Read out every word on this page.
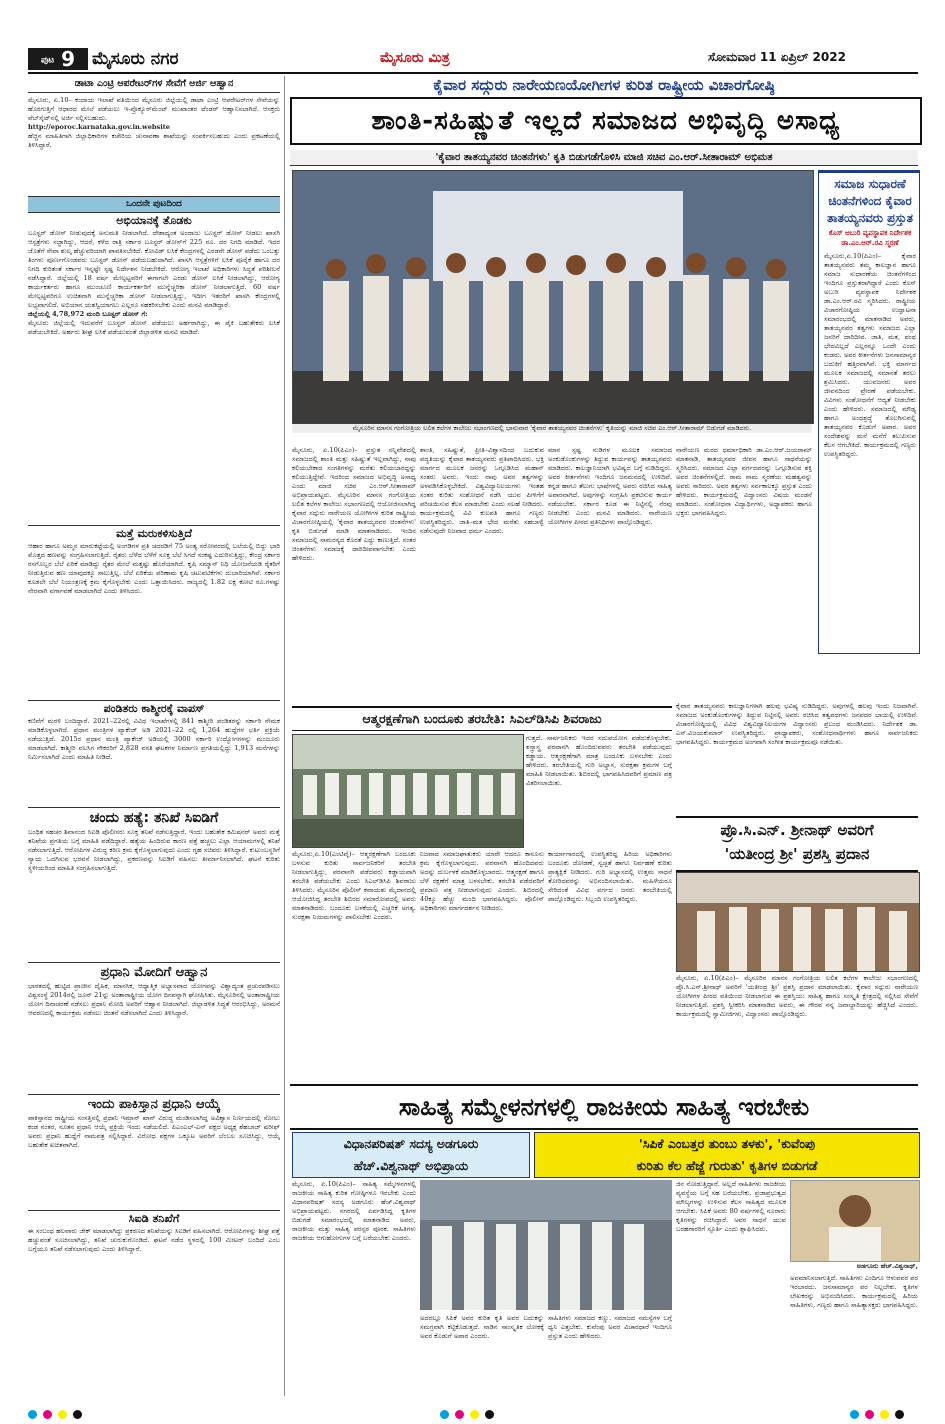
ಪುಟ 9 ಮೈಸೂರು ನಗರ	ಮೈಸೂರು ಮಿತ್ರ	ಸೋಮವಾರ 11 ಏಪ್ರಿಲ್ 2022
ಡಾಟಾ ಎಂಟ್ರಿ ಆಪರೇಟರ್‌ಗಳ ಸೇವೆಗೆ ಅರ್ಜಿ ಆಹ್ವಾನ
ಮೈಸೂರು, ಏ.10– ಕಂದಾಯ ಇಲಾಖೆ ವತಿಯಿಂದ ಮೈಸೂರು ಜಿಲ್ಲೆಯಲ್ಲಿ ಡಾಟಾ ಎಂಟ್ರಿ ಆಪರೇಟರ್‌ಗಳ ಸೇವೆಯನ್ನು ಹೊರಗುತ್ತಿಗೆ ಆಧಾರದ ಮೇಲೆ ಪಡೆಯಲು ಇ-ಪ್ರೊಕ್ಯೂರ್‌ಮೆಂಟ್ ಮುಖಾಂತರ ಟೆಂಡರ್ ಆಹ್ವಾನಿಸಲಾಗಿದೆ. ಆಸಕ್ತರು ವೆಬ್‌ಸೈಟ್‌ನಲ್ಲಿ ಅರ್ಜಿ ಸಲ್ಲಿಸಬಹುದು.
http://eporoc.karnataka.gov.in.website
ಹೆಚ್ಚಿನ ಮಾಹಿತಿಗಾಗಿ ಜಿಲ್ಲಾಧಿಕಾರಿಗಳ ಕಚೇರಿಯ ಚುನಾವಣಾ ಶಾಖೆಯನ್ನು ಸಂಪರ್ಕಿಸಬಹುದು ಎಂದು ಪ್ರಕಟಣೆಯಲ್ಲಿ ತಿಳಿಸಿದ್ದಾರೆ.
ಒಂದನೇ ಪುಟದಿಂದ
ಅಭಿಯಾನಕ್ಕೆ ತೊಡಕು
ಬೂಸ್ಟರ್ ಡೋಸ್ ನೀಡುವುದಕ್ಕೆ ಅನುಮತಿ ನೀಡಲಾಗಿದೆ. ದೇಶಾದ್ಯಂತ ಅಂದಾಜು ಬೂಸ್ಟರ್ ಡೋಸ್ ನೀಡಲು ಖಾಸಗಿ ಆಸ್ಪತ್ರೆಗಳು ಸಜ್ಜಾಗಿದ್ದು, ಆದರೆ, ಕಳೆದ ರಾತ್ರಿ ಸರ್ಕಾರ ಬೂಸ್ಟರ್ ಡೋಸ್‌ಗೆ 225 ರೂ. ದರ ನಿಗದಿ ಮಾಡಿದೆ. ಇದರ ಜೊತೆಗೆ ಸೇವಾ ಶುಲ್ಕ ಹೆಚ್ಚುವರಿಯಾಗಿ ಪಾವತಿಸಬೇಕಿದೆ. ಕೋವಿಡ್ ಲಸಿಕೆ ಕೇಂದ್ರಗಳಲ್ಲಿ ಎರಡನೇ ಡೋಸ್ ಪಡೆದು ಒಂಬತ್ತು ತಿಂಗಳು ಪೂರ್ಣಗೊಂಡವರು ಬೂಸ್ಟರ್ ಡೋಸ್ ಪಡೆಯಬಹುದಾಗಿದೆ. ಖಾಸಗಿ ಆಸ್ಪತ್ರೆಗಳಿಗೆ ಲಸಿಕೆ ಪೂರೈಕೆ ಹಾಗೂ ದರ ನಿಗದಿ ಕುರಿತಂತೆ ಸರ್ಕಾರ ಇನ್ನಷ್ಟೇ ಸ್ಪಷ್ಟ ನಿರ್ದೇಶನ ನೀಡಬೇಕಿದೆ. ಆರೋಗ್ಯ ಇಲಾಖೆ ಅಧಿಕಾರಿಗಳು ಸಿದ್ಧತೆ ಪರಿಶೀಲನೆ ನಡೆಸಿದ್ದಾರೆ. ಜಿಲ್ಲೆಯಲ್ಲಿ 18 ವರ್ಷ ಮೇಲ್ಪಟ್ಟವರಿಗೆ ಈಗಾಗಲೇ ಎರಡು ಡೋಸ್ ಲಸಿಕೆ ನೀಡಲಾಗಿದ್ದು, ಆರೋಗ್ಯ ಕಾರ್ಯಕರ್ತರು ಹಾಗೂ ಮುಂಚೂಣಿ ಕಾರ್ಯಕರ್ತರಿಗೆ ಮುನ್ನೆಚ್ಚರಿಕಾ ಡೋಸ್ ನೀಡಲಾಗುತ್ತಿದೆ. 60 ವರ್ಷ ಮೇಲ್ಪಟ್ಟವರಿಗೂ ಉಚಿತವಾಗಿ ಮುನ್ನೆಚ್ಚರಿಕಾ ಡೋಸ್ ನೀಡಲಾಗುತ್ತಿದ್ದು, ಇದೀಗ ಇತರರಿಗೆ ಖಾಸಗಿ ಕೇಂದ್ರಗಳಲ್ಲಿ ಲಭ್ಯವಾಗಲಿದೆ. ಅಭಿಯಾನ ಯಶಸ್ವಿಯಾಗಲು ಎಲ್ಲರೂ ಸಹಕರಿಸಬೇಕು ಎಂದು ಮನವಿ ಮಾಡಿದ್ದಾರೆ.
ಜಿಲ್ಲೆಯಲ್ಲಿ 4,78,972 ಮಂದಿ ಬೂಸ್ಟರ್ ಡೋಸ್ ಗೆ:
ಮೈಸೂರು ಜಿಲ್ಲೆಯಲ್ಲಿ ಇದುವರೆಗೆ ಬೂಸ್ಟರ್ ಡೋಸ್ ಪಡೆಯಲು ಅರ್ಹರಾಗಿದ್ದು, ಈ ಪೈಕಿ ಬಹುತೇಕರು ಲಸಿಕೆ ಪಡೆಯಬೇಕಿದೆ. ಅರ್ಹರು ಶೀಘ್ರ ಲಸಿಕೆ ಪಡೆಯುವಂತೆ ಜಿಲ್ಲಾಡಳಿತ ಮನವಿ ಮಾಡಿದೆ.
ಮತ್ತೆ ಮರುಕಳಿಸುತ್ತಿದೆ
ಆಹಾರ ಹಾಗೂ ಅಮ್ಮನ ಮಾರುಕಟ್ಟೆಯಲ್ಲಿ ಅಂಗಡಿಗಳ ಪ್ರತಿ ಚದರಡಿಗೆ 75 ಅಂತ್ಯ ಸರೋವರದಲ್ಲಿ ಬಲೆಯಲ್ಲಿ ಬಿದ್ದು ಭಾರಿ ಮೊತ್ತದ ಹಣವನ್ನು ಸಂಗ್ರಹಿಸಲಾಗುತ್ತಿದೆ. ರೈತರು ಬೆಳೆದ ಬೆಳೆಗೆ ಸೂಕ್ತ ಬೆಲೆ ಸಿಗದೆ ಸಂಕಷ್ಟ ಎದುರಿಸುತ್ತಿದ್ದು, ಕೇಂದ್ರ ಸರ್ಕಾರ ರಸಗೊಬ್ಬರ ಬೆಲೆ ಏರಿಕೆ ಮಾಡಿದ್ದು ರೈತರ ಮೇಲೆ ಮತ್ತಷ್ಟು ಹೊರೆಯಾಗಿದೆ. ಕೃಷಿ ಸಮ್ಮಾನ್ ನಿಧಿ ಯೋಜನೆಯಡಿ ರೈತರಿಗೆ ನೀಡುತ್ತಿರುವ ಹಣ ಯಾವುದಕ್ಕೂ ಸಾಲುತ್ತಿಲ್ಲ. ಬೆಲೆ ಏರಿಕೆಯ ಪರಿಣಾಮ ಕೃಷಿ ಚಟುವಟಿಕೆಗಳು ದುಬಾರಿಯಾಗಿವೆ. ಸರ್ಕಾರ ಕೂಡಲೇ ಬೆಲೆ ನಿಯಂತ್ರಣಕ್ಕೆ ಕ್ರಮ ಕೈಗೊಳ್ಳಬೇಕು ಎಂದು ಒತ್ತಾಯಿಸಿದರು. ರಾಜ್ಯದಲ್ಲಿ 1.82 ಲಕ್ಷ ಕೋಟಿ ರೂ.ಗಳಷ್ಟು ನೇರವಾಗಿ ವರ್ಗಾವಣೆ ಮಾಡಲಾಗಿದೆ ಎಂದು ತಿಳಿಸಿದರು.
ಪಂಡಿತರು ಕಾಶ್ಮೀರಕ್ಕೆ ವಾಪಸ್
ಕಣಿವೆಗೆ ಮರಳಿ ಬಂದಿದ್ದಾರೆ. 2021–22ರಲ್ಲಿ ವಿವಿಧ ಇಲಾಖೆಗಳಲ್ಲಿ 841 ಕಾಶ್ಮೀರಿ ಪಂಡಿತರನ್ನು ಸರ್ಕಾರಿ ನೇಮಕ ಮಾಡಿಕೊಳ್ಳಲಾಗಿದೆ. ಪ್ರಧಾನ ಮಂತ್ರಿಗಳ ಪ್ಯಾಕೇಜ್ ಅಡಿ 2021–22 ರಲ್ಲಿ 1,264 ಹುದ್ದೆಗಳ ಭರ್ತಿ ಪ್ರಕ್ರಿಯೆ ನಡೆಯುತ್ತಿದೆ. 2015ರ ಪ್ರಧಾನ ಮಂತ್ರಿ ಪ್ಯಾಕೇಜ್ ಅಡಿಯಲ್ಲಿ 3000 ಸರ್ಕಾರಿ ಉದ್ಯೋಗಗಳನ್ನು ಮಂಜೂರು ಮಾಡಲಾಗಿದೆ. ಕಾಶ್ಮೀರಿ ವಲಸಿಗ ನೌಕರರಿಗೆ 2,828 ವಸತಿ ಘಟಕಗಳ ನಿರ್ಮಾಣ ಪ್ರಗತಿಯಲ್ಲಿದ್ದು 1,913 ಮನೆಗಳನ್ನು ನಿರ್ಮಿಸಲಾಗಿದೆ ಎಂದು ಮಾಹಿತಿ ನೀಡಿದೆ.
ಚಂದು ಹತ್ಯೆ: ತನಿಖೆ ಸಿಐಡಿಗೆ
ಬಂಧಿತ ಸಹಚರ ಶಿವಾನಂದ ಸಿಐಡಿ ಪೊಲೀಸರು ಸೂಕ್ತ ತನಿಖೆ ನಡೆಸುತ್ತಿದ್ದಾರೆ. ಇಂದು ಬಹುತೇಕ ಕಮಿಷನರ್ ಅವರು ಮತ್ತೆ ತನಿಖೆಯ ಪ್ರಗತಿಯ ಬಗ್ಗೆ ಮಾಹಿತಿ ಪಡೆದಿದ್ದಾರೆ. ಹತ್ಯೆಯ ಹಿಂದಿರುವ ಕಾರಣ ಪತ್ತೆ ಹಚ್ಚಲು ಎಲ್ಲಾ ಆಯಾಮಗಳಲ್ಲಿ ತನಿಖೆ ನಡೆಸಲಾಗುತ್ತಿದೆ. ಆರೋಪಿಗಳ ವಿರುದ್ಧ ಕಠಿಣ ಕ್ರಮ ಕೈಗೊಳ್ಳಲಾಗುವುದು ಎಂದು ಗೃಹ ಸಚಿವರು ತಿಳಿಸಿದ್ದಾರೆ. ಕುಟುಂಬಸ್ಥರಿಗೆ ನ್ಯಾಯ ಒದಗಿಸುವ ಭರವಸೆ ನೀಡಲಾಗಿದ್ದು, ಪ್ರಕರಣವನ್ನು ಸಿಐಡಿಗೆ ವಹಿಸಲು ತೀರ್ಮಾನಿಸಲಾಗಿದೆ. ಘಟನೆ ಕುರಿತು ಸ್ಥಳೀಯರಿಂದ ಮಾಹಿತಿ ಸಂಗ್ರಹಿಸಲಾಗುತ್ತಿದೆ.
ಪ್ರಧಾನಿ ಮೋದಿಗೆ ಆಹ್ವಾನ
ಭಾರತದಲ್ಲಿ ಹುಟ್ಟಿದ ಪ್ರಾಚೀನ ದೈಹಿಕ, ಮಾನಸಿಕ, ಆಧ್ಯಾತ್ಮಿಕ ಅಭ್ಯಾಸವಾದ ಯೋಗವನ್ನು ವಿಶ್ವಾದ್ಯಂತ ಪ್ರಚುರಪಡಿಸಲು ವಿಶ್ವಸಂಸ್ಥೆ 2014ರಲ್ಲಿ ಜೂನ್ 21ನ್ನು ಅಂತಾರಾಷ್ಟ್ರೀಯ ಯೋಗ ದಿನವನ್ನಾಗಿ ಘೋಷಿಸಿತು. ಮೈಸೂರಿನಲ್ಲಿ ಅಂತಾರಾಷ್ಟ್ರೀಯ ಯೋಗ ದಿನಾಚರಣೆ ನಡೆಸಲು ಪ್ರಧಾನಿ ಮೋದಿ ಅವರಿಗೆ ಆಹ್ವಾನ ನೀಡಲಾಗಿದೆ. ಜಿಲ್ಲಾಡಳಿತ ಸಿದ್ಧತೆ ಆರಂಭಿಸಿದ್ದು, ಅರಮನೆ ಆವರಣದಲ್ಲಿ ಕಾರ್ಯಕ್ರಮ ನಡೆಸಲು ಚಿಂತನೆ ನಡೆಸಲಾಗಿದೆ ಎಂದು ತಿಳಿಸಿದ್ದಾರೆ.
ಇಂದು ಪಾಕಿಸ್ತಾನ ಪ್ರಧಾನಿ ಆಯ್ಕೆ
ಪಾಕಿಸ್ತಾನದ ರಾಷ್ಟ್ರೀಯ ಸಂಸತ್ತಿನಲ್ಲಿ ಪ್ರಧಾನಿ ಇಮ್ರಾನ್ ಖಾನ್ ವಿರುದ್ಧ ಮಂಡಿಸಲಾಗಿದ್ದ ಅವಿಶ್ವಾಸ ನಿರ್ಣಯದಲ್ಲಿ ಸೋಲು ಕಂಡ ನಂತರ, ನೂತನ ಪ್ರಧಾನಿ ಆಯ್ಕೆ ಪ್ರಕ್ರಿಯೆ ಇಂದು ನಡೆಯಲಿದೆ. ಪಿಎಂಎಲ್-ಎನ್ ಪಕ್ಷದ ಅಧ್ಯಕ್ಷ ಶೆಹಬಾಜ್ ಷರೀಫ್ ಅವರು ಪ್ರಧಾನಿ ಹುದ್ದೆಗೆ ನಾಮಪತ್ರ ಸಲ್ಲಿಸಿದ್ದಾರೆ. ವಿರೋಧ ಪಕ್ಷಗಳ ಒಕ್ಕೂಟ ಅವರಿಗೆ ಬೆಂಬಲ ಸೂಚಿಸಿದ್ದು, ಆಯ್ಕೆ ಬಹುತೇಕ ಖಚಿತವಾಗಿದೆ.
ಸಿಐಡಿ ತನಿಖೆಗೆ
ಈ ಸಂಬಂಧ ಹಲವಾರು ಜೇಕ್ ಮಾಡಲಾಗಿದ್ದು ಪ್ರಕರಣದ ತನಿಖೆಯನ್ನು ಸಿಐಡಿಗೆ ವಹಿಸಲಾಗಿದೆ. ಆರೋಪಿಗಳನ್ನು ಶೀಘ್ರ ಪತ್ತೆ ಹಚ್ಚುವಂತೆ ಸೂಚಿಸಲಾಗಿದ್ದು, ತನಿಖೆ ಚುರುಕುಗೊಂಡಿದೆ. ಘಟನೆ ನಡೆದ ಸ್ಥಳದಲ್ಲಿ 100 ಮೀಟರ್ ಬಂದಿದೆ ಎಂಬ ಬಗ್ಗೆಯೂ ತನಿಖೆ ನಡೆಸಲಾಗುವುದು ಎಂದು ತಿಳಿಸಿದ್ದಾರೆ.
ಕೈವಾರ ಸದ್ಗುರು ನಾರೇಯಣಯೋಗೀಗಳ ಕುರಿತ ರಾಷ್ಟ್ರೀಯ ವಿಚಾರಗೋಷ್ಠಿ
ಶಾಂತಿ-ಸಹಿಷ್ಣುತೆ ಇಲ್ಲದೆ ಸಮಾಜದ ಅಭಿವೃದ್ಧಿ ಅಸಾಧ್ಯ
'ಕೈವಾರ ತಾತಯ್ಯನವರ ಚಿಂತನೆಗಳು' ಕೃತಿ ಬಿಡುಗಡೆಗೊಳಿಸಿ ಮಾಜಿ ಸಚಿವ ಎಂ.ಆರ್.ಸೀತಾರಾಮ್ ಅಭಿಮತ
ಮೈಸೂರಿನ ಮಾನಸ ಗಂಗೋತ್ರಿಯ ಲಲಿತ ಕಲೆಗಳ ಕಾಲೇಜು ಸಭಾಂಗಣದಲ್ಲಿ ಭಾನುವಾರ 'ಕೈವಾರ ತಾತಯ್ಯನವರ ಚಿಂತನೆಗಳು' ಕೃತಿಯನ್ನು ಮಾಜಿ ಸಚಿವ ಎಂ.ಆರ್.ಸೀತಾರಾಮ್ ಬಿಡುಗಡೆ ಮಾಡಿದರು.
ಮೈಸೂರು, ಏ.10(ಪಿಎಂ)– ಪ್ರಸ್ತುತ ಸನ್ನಿವೇಶದಲ್ಲಿ ಸಮಾಜದಲ್ಲಿ ಶಾಂತಿ ಮತ್ತು ಸಹಿಷ್ಣುತೆ ಇಲ್ಲವಾಗಿದ್ದು, ನಾವು ಕಲಿಯಬೇಕಾದ ಸಂಗತಿಗಳನ್ನು ಮರೆತು ಕಲಿಯಬಾರದ್ದನ್ನು ಕಲಿಯುತ್ತಿದ್ದೇವೆ. ಇದರಿಂದ ಸಮಾಜದ ಅಭಿವೃದ್ಧಿ ಅಸಾಧ್ಯ ಎಂದು ಮಾಜಿ ಸಚಿವ ಎಂ.ಆರ್.ಸೀತಾರಾಮ್ ಅಭಿಪ್ರಾಯಪಟ್ಟರು. ಮೈಸೂರಿನ ಮಾನಸ ಗಂಗೋತ್ರಿಯ ಲಲಿತ ಕಲೆಗಳ ಕಾಲೇಜು ಸಭಾಂಗಣದಲ್ಲಿ ಆಯೋಜಿಸಲಾಗಿದ್ದ ಕೈವಾರ ಸದ್ಗುರು ನಾರೇಯಣ ಯೋಗೀಗಳ ಕುರಿತ ರಾಷ್ಟ್ರೀಯ ವಿಚಾರಗೋಷ್ಠಿಯಲ್ಲಿ 'ಕೈವಾರ ತಾತಯ್ಯನವರ ಚಿಂತನೆಗಳು' ಕೃತಿ ಬಿಡುಗಡೆ ಮಾಡಿ ಮಾತನಾಡಿದರು. ಇಂದಿನ ಸಮಾಜದಲ್ಲಿ ಸಾಮರಸ್ಯದ ಕೊರತೆ ಎದ್ದು ಕಾಣುತ್ತಿದೆ. ಸಂತರ ಚಿಂತನೆಗಳು ಸಮಾಜಕ್ಕೆ ದಾರಿದೀಪವಾಗಬೇಕು ಎಂದು ಹೇಳಿದರು.
ಶಾಂತಿ, ಸಹಿಷ್ಣುತೆ, ಪ್ರೀತಿ–ವಿಶ್ವಾಸದಿಂದ ಬದುಕುವ ಪದ್ಧತಿಯನ್ನು ಕೈವಾರ ತಾತಯ್ಯನವರು ಪ್ರತಿಪಾದಿಸಿದರು. ಭಕ್ತಿ ಮಾರ್ಗದ ಮೂಲಕ ಜನರನ್ನು ಒಗ್ಗೂಡಿಸಿದ ಮಹಾನ್ ಸಂತರು ಅವರು. ಇಂದು ನಾವು ಅವರ ತತ್ವಗಳನ್ನು ಅಳವಡಿಸಿಕೊಳ್ಳಬೇಕಿದೆ. ವಿಶ್ವವಿದ್ಯಾನಿಲಯಗಳು ಇಂತಹ ಸಂತರ ಕುರಿತು ಸಂಶೋಧನೆ ನಡೆಸಿ ಯುವ ಪೀಳಿಗೆಗೆ ಪರಿಚಯಿಸುವ ಕೆಲಸ ಮಾಡಬೇಕು ಎಂದು ಸಲಹೆ ನೀಡಿದರು. ಕಾರ್ಯಕ್ರಮದಲ್ಲಿ ವಿವಿ ಕುಲಪತಿ ಹಾಗೂ ಗಣ್ಯರು ಉಪಸ್ಥಿತರಿದ್ದರು. ಜಾತಿ–ಮತ ಭೇದ ಮರೆತು ಸಹಬಾಳ್ವೆ ನಡೆಸುವುದೇ ನಿಜವಾದ ಧರ್ಮ ಎಂದರು.
ಮಾನ ಸ್ಪಷ್ಟ ನುಡಿಗಳ ಮೂಲಕ ಸಮಾಜದ ಅಂಕುಡೊಂಕುಗಳನ್ನು ತಿದ್ದುವ ಕಾರ್ಯವನ್ನು ತಾತಯ್ಯನವರು ಮಾಡಿದರು. ಕಾಲಜ್ಞಾನಿಯಾಗಿ ಭವಿಷ್ಯದ ಬಗ್ಗೆ ನುಡಿದಿದ್ದರು. ಅವರ ಕೀರ್ತನೆಗಳು ಇಂದಿಗೂ ಜನಮನದಲ್ಲಿ ಉಳಿದಿವೆ. ಕನ್ನಡ ಹಾಗೂ ತೆಲುಗು ಭಾಷೆಗಳಲ್ಲಿ ಅವರು ರಚಿಸಿದ ಸಾಹಿತ್ಯ ಅಪಾರವಾಗಿದೆ. ಅವುಗಳನ್ನು ಸಂಗ್ರಹಿಸಿ ಪ್ರಕಟಿಸುವ ಕಾರ್ಯ ನಡೆಯಬೇಕು. ಸರ್ಕಾರ ಕೂಡ ಈ ನಿಟ್ಟಿನಲ್ಲಿ ನೆರವು ನೀಡಬೇಕು ಎಂದು ಮನವಿ ಮಾಡಿದರು. ನಾರೇಯಣ ಯೋಗೀಗಳ ಪೀಠದ ಪ್ರತಿನಿಧಿಗಳು ಪಾಲ್ಗೊಂಡಿದ್ದರು.
ನಾರೇಯಣ ಮಠದ ಧರ್ಮಾಧಿಕಾರಿ ಡಾ.ಎಂ.ಆರ್.ಜಯರಾಮ್ ಮಾತನಾಡಿ, ತಾತಯ್ಯನವರ ಜೀವನ ಹಾಗೂ ಸಾಧನೆಯನ್ನು ಸ್ಮರಿಸಿದರು. ಸಮಾಜದ ಎಲ್ಲಾ ವರ್ಗದವರನ್ನು ಒಗ್ಗೂಡಿಸುವ ಶಕ್ತಿ ಅವರ ಚಿಂತನೆಗಳಲ್ಲಿದೆ. ರಾಮ ನಾಮ ಸ್ಮರಣೆಯ ಮಹತ್ವವನ್ನು ಅವರು ಸಾರಿದರು. ಅವರ ತತ್ವಗಳು ಸರ್ವಕಾಲಕ್ಕೂ ಪ್ರಸ್ತುತ ಎಂದು ಹೇಳಿದರು. ಕಾರ್ಯಕ್ರಮದಲ್ಲಿ ವಿದ್ವಾಂಸರು ವಿಷಯ ಮಂಡನೆ ಮಾಡಿದರು. ಸಂಶೋಧನಾ ವಿದ್ಯಾರ್ಥಿಗಳು, ಅಧ್ಯಾಪಕರು ಹಾಗೂ ಭಕ್ತರು ಭಾಗವಹಿಸಿದ್ದರು.
ಸಮಾಜ ಸುಧಾರಣೆ ಚಿಂತನೆಗಳಿಂದ ಕೈವಾರ ತಾತಯ್ಯನವರು ಪ್ರಸ್ತುತ
ಕೊಸ್ ಅಬುರಿ ವ್ಯವಸ್ಥಾಪಕ ನಿರ್ದೇಶಕ ಡಾ.ಎಂ.ಆರ್.ರವಿ ಸ್ಮರಣೆ
ಮೈಸೂರು,ಏ.10(ಪಿಎಂ)– ಕೈವಾರ ತಾತಯ್ಯನವರು ತಮ್ಮ ಕಾಲಜ್ಞಾನ ಹಾಗೂ ಸಮಾಜ ಸುಧಾರಣೆಯ ಚಿಂತನೆಗಳಿಂದ ಇಂದಿಗೂ ಪ್ರಸ್ತುತರಾಗಿದ್ದಾರೆ ಎಂದು ಕೊಸ್ ಅಬುರಿ ವ್ಯವಸ್ಥಾಪಕ ನಿರ್ದೇಶಕ ಡಾ.ಎಂ.ಆರ್.ರವಿ ಸ್ಮರಿಸಿದರು. ರಾಷ್ಟ್ರೀಯ ವಿಚಾರಗೋಷ್ಠಿಯ ಉದ್ಘಾಟನಾ ಸಮಾರಂಭದಲ್ಲಿ ಮಾತನಾಡಿದ ಅವರು, ತಾತಯ್ಯನವರ ತತ್ವಗಳು ಸಮಾಜದ ಎಲ್ಲಾ ಜನರಿಗೆ ದಾರಿದೀಪ. ಜಾತಿ, ಮತ, ಪಂಥ ಭೇದವಿಲ್ಲದೆ ಎಲ್ಲರನ್ನೂ ಒಂದೇ ಎಂದು ಕಂಡರು. ಅವರ ಕೀರ್ತನೆಗಳು ಜನಸಾಮಾನ್ಯರ ಬದುಕಿಗೆ ಹತ್ತಿರವಾಗಿವೆ. ಭಕ್ತಿ ಮಾರ್ಗದ ಮೂಲಕ ಸಮಾಜದಲ್ಲಿ ಸಮಾನತೆ ತರಲು ಶ್ರಮಿಸಿದರು. ಯುವಜನರು ಅವರ ಜೀವನದಿಂದ ಪ್ರೇರಣೆ ಪಡೆಯಬೇಕು. ವಿವಿಗಳು ಸಂಶೋಧನೆಗೆ ಆದ್ಯತೆ ನೀಡಬೇಕು ಎಂದು ಹೇಳಿದರು. ಸಮಾಜದಲ್ಲಿ ಮೌಢ್ಯ ಹಾಗೂ ಅಂಧಶ್ರದ್ಧೆ ತೊಲಗಿಸುವಲ್ಲಿ ತಾತಯ್ಯನವರ ಕೊಡುಗೆ ಅಪಾರ. ಅವರ ಸಂದೇಶವನ್ನು ಮನೆ ಮನೆಗೆ ತಲುಪಿಸುವ ಕೆಲಸ ಆಗಬೇಕಿದೆ. ಕಾರ್ಯಕ್ರಮದಲ್ಲಿ ಗಣ್ಯರು ಉಪಸ್ಥಿತರಿದ್ದರು.
ಕೈವಾರ ತಾತಯ್ಯನವರು ಕಾಲಜ್ಞಾನಿಗಳಾಗಿ ಹಲವು ಭವಿಷ್ಯ ನುಡಿದಿದ್ದರು. ಅವುಗಳಲ್ಲಿ ಹಲವು ಇಂದು ನಿಜವಾಗಿವೆ. ಸಮಾಜದ ಅಂಕುಡೊಂಕುಗಳನ್ನು ತಿದ್ದುವ ನಿಟ್ಟಿನಲ್ಲಿ ಅವರು ರಚಿಸಿದ ತತ್ವಪದಗಳು ಜನಪದರ ಬಾಯಲ್ಲಿ ಉಳಿದಿವೆ. ವಿಚಾರಗೋಷ್ಠಿಯಲ್ಲಿ ವಿವಿಧ ವಿಶ್ವವಿದ್ಯಾನಿಲಯಗಳ ವಿದ್ವಾಂಸರು ಪ್ರಬಂಧ ಮಂಡಿಸಿದರು. ನಿರ್ದೇಶಕ ಡಾ. ಎಸ್.ವಿಜಯಕುಮಾರ್ ಉಪಸ್ಥಿತರಿದ್ದರು. ಪ್ರಾಧ್ಯಾಪಕರು, ಸಂಶೋಧನಾರ್ಥಿಗಳು ಹಾಗೂ ಸಾರ್ವಜನಿಕರು ಭಾಗವಹಿಸಿದ್ದರು. ಕಾರ್ಯಕ್ರಮದ ಅಂಗವಾಗಿ ಸಂಗೀತ ಕಾರ್ಯಕ್ರಮವೂ ನಡೆಯಿತು.
ಪ್ರೊ.ಸಿ.ಎನ್. ಶ್ರೀನಾಥ್ ಅವರಿಗೆ
'ಯತೀಂದ್ರ ಶ್ರೀ' ಪ್ರಶಸ್ತಿ ಪ್ರದಾನ
ಮೈಸೂರು, ಏ.10(ಪಿಎಂ)– ಮೈಸೂರಿನ ಮಾನಸ ಗಂಗೋತ್ರಿಯ ಲಲಿತ ಕಲೆಗಳ ಕಾಲೇಜು ಸಭಾಂಗಣದಲ್ಲಿ ಪ್ರೊ.ಸಿ.ಎನ್.ಶ್ರೀನಾಥ್ ಅವರಿಗೆ 'ಯತೀಂದ್ರ ಶ್ರೀ' ಪ್ರಶಸ್ತಿ ಪ್ರದಾನ ಮಾಡಲಾಯಿತು. ಕೈವಾರ ಸದ್ಗುರು ನಾರೇಯಣ ಯೋಗೀಗಳ ಪೀಠದ ವತಿಯಿಂದ ನೀಡಲಾಗುವ ಈ ಪ್ರಶಸ್ತಿಯು ಸಾಹಿತ್ಯ ಹಾಗೂ ಸಂಸ್ಕೃತಿ ಕ್ಷೇತ್ರದಲ್ಲಿ ಸಲ್ಲಿಸಿದ ಸೇವೆಗೆ ನೀಡಲಾಗುತ್ತಿದೆ. ಪ್ರಶಸ್ತಿ ಸ್ವೀಕರಿಸಿ ಮಾತನಾಡಿದ ಅವರು, ಈ ಗೌರವ ನನ್ನ ಜವಾಬ್ದಾರಿಯನ್ನು ಹೆಚ್ಚಿಸಿದೆ ಎಂದರು. ಕಾರ್ಯಕ್ರಮದಲ್ಲಿ ಸ್ವಾಮೀಜಿಗಳು, ವಿದ್ವಾಂಸರು ಪಾಲ್ಗೊಂಡಿದ್ದರು.
ಆತ್ಮರಕ್ಷಣೆಗಾಗಿ ಬಂದೂಕು ತರಬೇತಿ: ಸಿಎಲ್‌ಡಿಸಿಪಿ ಶಿವರಾಜು
ಗುತ್ತದೆ. ಸಾರ್ವಜನಿಕರು ಇದರ ಸದುಪಯೋಗ ಪಡೆದುಕೊಳ್ಳಬೇಕು. ಶಸ್ತ್ರಾಸ್ತ್ರ ಪರವಾನಗಿ ಹೊಂದಿರುವವರು ತರಬೇತಿ ಪಡೆಯುವುದು ಕಡ್ಡಾಯ. ಆತ್ಮರಕ್ಷಣೆಗಾಗಿ ಮಾತ್ರ ಬಂದೂಕು ಬಳಸಬೇಕು ಎಂದು ಹೇಳಿದರು. ತರಬೇತಿಯಲ್ಲಿ ಗುರಿ ಅಭ್ಯಾಸ, ಸುರಕ್ಷತಾ ಕ್ರಮಗಳ ಬಗ್ಗೆ ಮಾಹಿತಿ ನೀಡಲಾಯಿತು. ಶಿಬಿರದಲ್ಲಿ ಭಾಗವಹಿಸಿದವರಿಗೆ ಪ್ರಮಾಣ ಪತ್ರ ವಿತರಿಸಲಾಯಿತು.
ಮೈಸೂರು,ಏ.10(ಎಂಟಿವೈ)– ಆತ್ಮರಕ್ಷಣೆಗಾಗಿ ಬಂದೂಕು ಬಳಸುವ ಕುರಿತು ಸಾರ್ವಜನಿಕರಿಗೆ ತರಬೇತಿ ನೀಡಲಾಗುತ್ತಿದ್ದು, ಪರವಾನಗಿ ಪಡೆದವರು ಕಡ್ಡಾಯವಾಗಿ ತರಬೇತಿ ಪಡೆಯಬೇಕು ಎಂದು ಸಿಎಲ್‌ಡಿಸಿಪಿ ಶಿವರಾಜು ತಿಳಿಸಿದರು. ಮೈಸೂರಿನ ಪೊಲೀಸ್ ಕವಾಯತು ಮೈದಾನದಲ್ಲಿ ಆಯೋಜಿಸಿದ್ದ ತರಬೇತಿ ಶಿಬಿರದ ಸಮಾರೋಪದಲ್ಲಿ ಅವರು ಮಾತನಾಡಿದರು. ಬಂದೂಕು ಬಳಕೆಯಲ್ಲಿ ಎಚ್ಚರಿಕೆ ಅಗತ್ಯ. ಸುರಕ್ಷತಾ ನಿಯಮಗಳನ್ನು ಪಾಲಿಸಬೇಕು ಎಂದರು.
ನಿಜವಾದ ಸಮಾಜಘಾತುಕರು ಯಾರೇ ಆದರೂ ಕಾನೂನು ಕ್ರಮ ಕೈಗೊಳ್ಳಲಾಗುವುದು. ಪರವಾನಗಿ ಹೊಂದಿದವರು ಅದನ್ನು ದುರ್ಬಳಕೆ ಮಾಡಿಕೊಳ್ಳಬಾರದು. ಆತ್ಮರಕ್ಷಣೆ ಹಾಗೂ ಬೆಳೆ ರಕ್ಷಣೆಗೆ ಮಾತ್ರ ಬಳಸಬೇಕು. ತರಬೇತಿ ಪಡೆದವರಿಗೆ ಪ್ರಮಾಣ ಪತ್ರ ನೀಡಲಾಗುವುದು ಎಂದರು. ಶಿಬಿರದಲ್ಲಿ 40ಕ್ಕೂ ಹೆಚ್ಚು ಮಂದಿ ಭಾಗವಹಿಸಿದ್ದರು. ಪೊಲೀಸ್ ಅಧಿಕಾರಿಗಳು ಮಾರ್ಗದರ್ಶನ ನೀಡಿದರು.
ಕಾರ್ಯಾಗಾರದಲ್ಲಿ ಉಪಸ್ಥಿತರಿದ್ದ ಹಿರಿಯ ಅಧಿಕಾರಿಗಳು ಬಂದೂಕು ಜೋಡಣೆ, ಸ್ವಚ್ಛತೆ ಹಾಗೂ ನಿರ್ವಹಣೆ ಕುರಿತು ಪ್ರಾತ್ಯಕ್ಷಿಕೆ ನೀಡಿದರು. ಗುರಿ ಅಭ್ಯಾಸದಲ್ಲಿ ಉತ್ತಮ ಸಾಧನೆ ತೋರಿದವರನ್ನು ಅಭಿನಂದಿಸಲಾಯಿತು. ಮಹಿಳೆಯರೂ ಸೇರಿದಂತೆ ವಿವಿಧ ವರ್ಗದ ಜನರು ತರಬೇತಿಯಲ್ಲಿ ಪಾಲ್ಗೊಂಡಿದ್ದರು. ಸಿಬ್ಬಂದಿ ಉಪಸ್ಥಿತರಿದ್ದರು.
ಸಾಹಿತ್ಯ ಸಮ್ಮೇಳನಗಳಲ್ಲಿ ರಾಜಕೀಯ ಸಾಹಿತ್ಯ ಇರಬೇಕು
ವಿಧಾನಪರಿಷತ್ ಸದಸ್ಯ ಅಡಗೂರು
ಹೆಚ್.ವಿಶ್ವನಾಥ್ ಅಭಿಪ್ರಾಯ
'ಸಿಪಿಕೆ ಎಂಬತ್ತರ ತುಂಬು ತಳಕು', 'ಕುವೆಂಪು
ಕುರಿತು ಕೆಲ ಹೆಜ್ಜೆ ಗುರುತು' ಕೃತಿಗಳ ಬಿಡುಗಡೆ
ಮೈಸೂರು, ಏ.10(ಪಿಎಂ)– ಸಾಹಿತ್ಯ ಸಮ್ಮೇಳನಗಳಲ್ಲಿ ರಾಜಕೀಯ ಸಾಹಿತ್ಯ ಕುರಿತ ಗೋಷ್ಠಿಗಳೂ ಇರಬೇಕು ಎಂದು ವಿಧಾನಪರಿಷತ್ ಸದಸ್ಯ ಅಡಗೂರು ಹೆಚ್.ವಿಶ್ವನಾಥ್ ಅಭಿಪ್ರಾಯಪಟ್ಟರು. ನಗರದಲ್ಲಿ ಏರ್ಪಡಿಸಿದ್ದ ಕೃತಿಗಳ ಬಿಡುಗಡೆ ಸಮಾರಂಭದಲ್ಲಿ ಮಾತನಾಡಿದ ಅವರು, ರಾಜಕೀಯ ಮತ್ತು ಸಾಹಿತ್ಯ ಪರಸ್ಪರ ಪೂರಕ. ಸಾಹಿತಿಗಳು ರಾಜಕೀಯ ಆಗುಹೋಗುಗಳ ಬಗ್ಗೆ ಬರೆಯಬೇಕು ಎಂದರು.
ಅದರಲ್ಲೂ ಸಿಪಿಕೆ ಅವರ ಕುರಿತ ಕೃತಿ ಅವರ ಬದುಕನ್ನು ಸಮಗ್ರವಾಗಿ ಕಟ್ಟಿಕೊಡುತ್ತದೆ. ನಾಡಿನ ಸಾಂಸ್ಕೃತಿಕ ಲೋಕಕ್ಕೆ ಅವರ ಕೊಡುಗೆ ಅಪಾರ ಎಂದರು.
ಸಾಹಿತಿಗಳು ಸಮಾಜದ ಕಣ್ಣು. ಸಮಾಜದ ಸಮಸ್ಯೆಗಳ ಬಗ್ಗೆ ಧ್ವನಿ ಎತ್ತಬೇಕು. ಕುವೆಂಪು ಅವರ ವಿಚಾರಧಾರೆ ಇಂದಿಗೂ ಪ್ರಸ್ತುತ ಎಂದು ಹೇಳಿದರು.
ಜಿನ ನೋಡುತ್ತಿದ್ದಾರೆ. ಅಲ್ಲದೆ ಸಾಹಿತಿಗಳು ರಾಜಕೀಯ ವ್ಯವಸ್ಥೆಯ ಬಗ್ಗೆ ಸಹ ಬರೆಯಬೇಕು. ಪ್ರಜಾಪ್ರಭುತ್ವದ ಮೌಲ್ಯಗಳನ್ನು ಉಳಿಸುವ ಕೆಲಸ ಸಾಹಿತ್ಯದ ಮೂಲಕ ಆಗಬೇಕು. ಸಿಪಿಕೆ ಅವರು 80 ವರ್ಷಗಳಲ್ಲಿ ನೂರಾರು ಕೃತಿಗಳನ್ನು ರಚಿಸಿದ್ದಾರೆ. ಅವರ ಸಾಧನೆ ಯುವ ಬರಹಗಾರರಿಗೆ ಸ್ಫೂರ್ತಿ ಎಂದು ಶ್ಲಾಘಿಸಿದರು.
ಅಡಗೂರು ಹೆಚ್.ವಿಶ್ವನಾಥ್,
ಅವಮಾನಿಸಲಾಗುತ್ತಿದೆ. ಸಾಹಿತಿಗಳು ಎಂದಿಗೂ ಆಳುವವರ ಪರ ಇರಬಾರದು. ಜನಸಾಮಾನ್ಯರ ಪರ ನಿಲ್ಲಬೇಕು. ಕೃತಿಗಳ ಲೇಖಕರನ್ನು ಅಭಿನಂದಿಸಿದರು. ಕಾರ್ಯಕ್ರಮದಲ್ಲಿ ಹಿರಿಯ ಸಾಹಿತಿಗಳು, ಗಣ್ಯರು ಹಾಗೂ ಸಾಹಿತ್ಯಾಸಕ್ತರು ಭಾಗವಹಿಸಿದ್ದರು.
